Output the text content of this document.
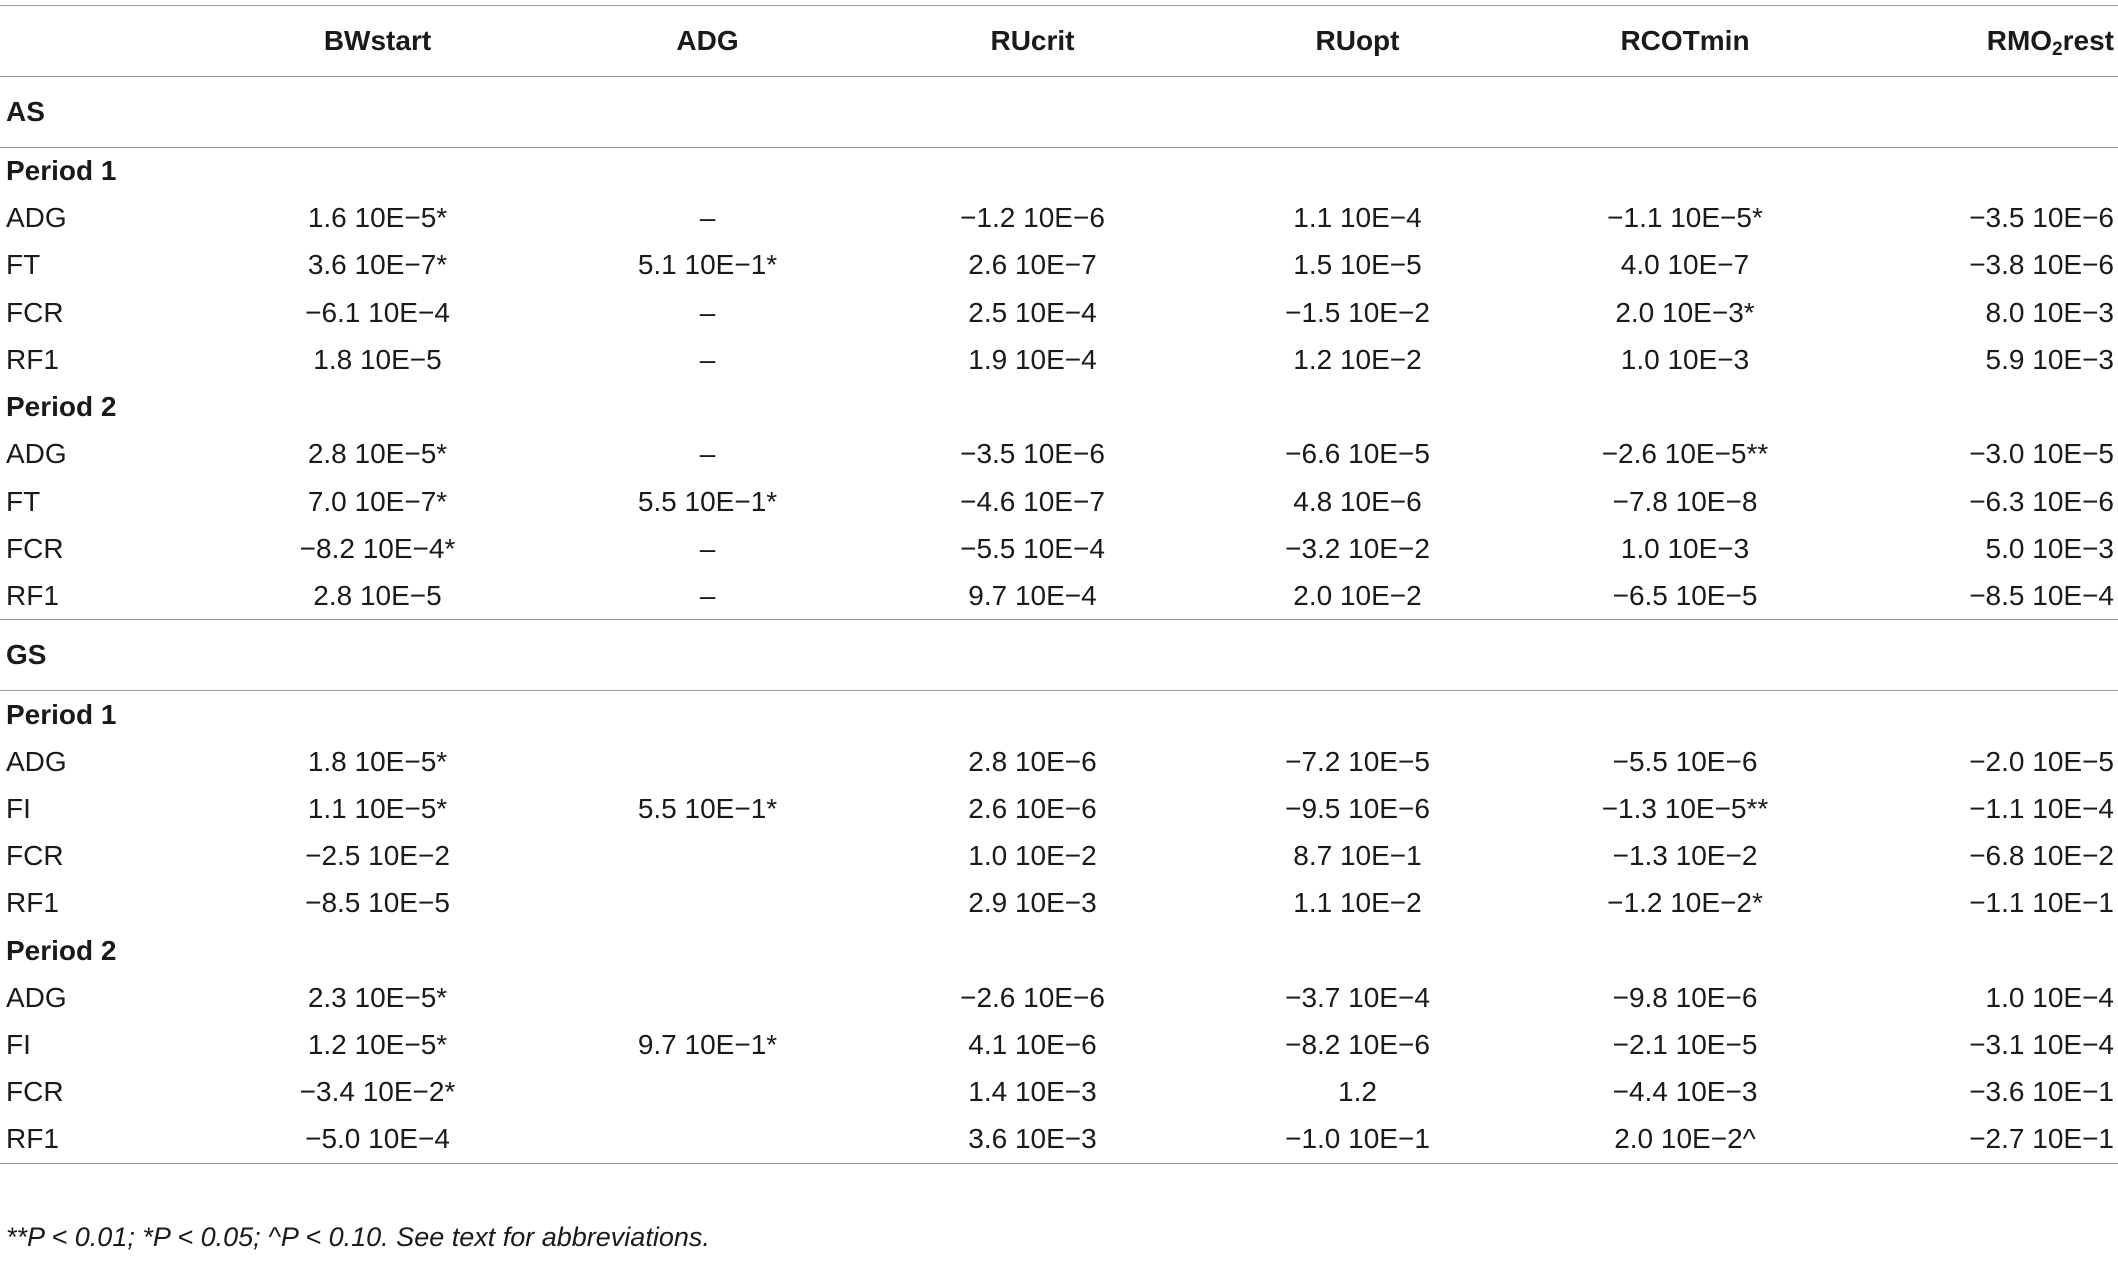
	BWstart	ADG	RUcrit	RUopt	RCOTmin	$RMO_2rest$
AS						
Period 1						
ADG	1.6 10E−5*	–	−1.2 10E−6	1.1 10E−4	−1.1 10E−5*	−3.5 10E−6
FT	3.6 10E−7*	5.1 10E−1*	2.6 10E−7	1.5 10E−5	4.0 10E−7	−3.8 10E−6
FCR	−6.1 10E−4	–	2.5 10E−4	−1.5 10E−2	2.0 10E−3*	8.0 10E−3
RF1	1.8 10E−5	–	1.9 10E−4	1.2 10E−2	1.0 10E−3	5.9 10E−3
Period 2						
ADG	2.8 10E−5*	–	−3.5 10E−6	−6.6 10E−5	−2.6 10E−5**	−3.0 10E−5
FT	7.0 10E−7*	5.5 10E−1*	−4.6 10E−7	4.8 10E−6	−7.8 10E−8	−6.3 10E−6
FCR	−8.2 10E−4*	–	−5.5 10E−4	−3.2 10E−2	1.0 10E−3	5.0 10E−3
RF1	2.8 10E−5	–	9.7 10E−4	2.0 10E−2	−6.5 10E−5	−8.5 10E−4
GS						
Period 1						
ADG	1.8 10E−5*		2.8 10E−6	−7.2 10E−5	−5.5 10E−6	−2.0 10E−5
FI	1.1 10E−5*	5.5 10E−1*	2.6 10E−6	−9.5 10E−6	−1.3 10E−5**	−1.1 10E−4
FCR	−2.5 10E−2		1.0 10E−2	8.7 10E−1	−1.3 10E−2	−6.8 10E−2
RF1	−8.5 10E−5		2.9 10E−3	1.1 10E−2	−1.2 10E−2*	−1.1 10E−1
Period 2						
ADG	2.3 10E−5*		−2.6 10E−6	−3.7 10E−4	−9.8 10E−6	1.0 10E−4
FI	1.2 10E−5*	9.7 10E−1*	4.1 10E−6	−8.2 10E−6	−2.1 10E−5	−3.1 10E−4
FCR	−3.4 10E−2*		1.4 10E−3	1.2	−4.4 10E−3	−3.6 10E−1
RF1	−5.0 10E−4		3.6 10E−3	−1.0 10E−1	2.0 10E−2^	−2.7 10E−1
**P < 0.01; *P < 0.05; ^P < 0.10. See text for abbreviations.
